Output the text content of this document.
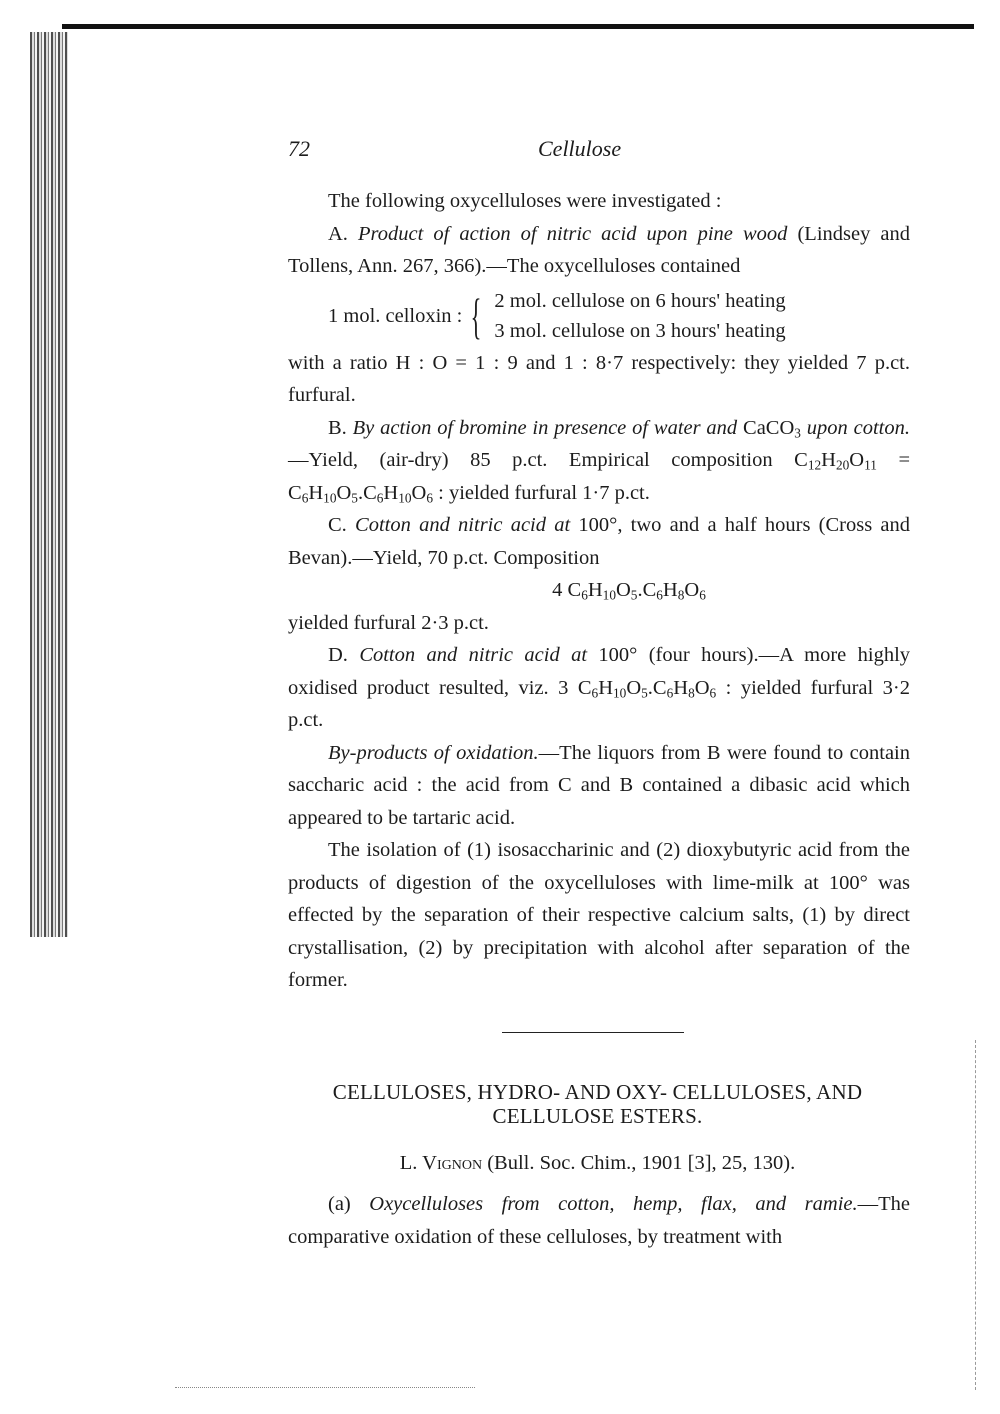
72	Cellulose

The following oxycelluloses were investigated :

A. Product of action of nitric acid upon pine wood (Lindsey and Tollens, Ann. 267, 366).—The oxycelluloses contained

1 mol. celloxin : { 2 mol. cellulose on 6 hours' heating
3 mol. cellulose on 3 hours' heating

with a ratio H : O = 1 : 9 and 1 : 8·7 respectively: they yielded 7 p.ct. furfural.

B. By action of bromine in presence of water and CaCO$_3$ upon cotton.—Yield, (air-dry) 85 p.ct. Empirical composition $C_{12}H_{20}O_{11} = C_6H_{10}O_5.C_6H_{10}O_6$ : yielded furfural 1·7 p.ct.

C. Cotton and nitric acid at 100°, two and a half hours (Cross and Bevan).—Yield, 70 p.ct. Composition

4 $C_6H_{10}O_5.C_6H_8O_6$

yielded furfural 2·3 p.ct.

D. Cotton and nitric acid at 100° (four hours).—A more highly oxidised product resulted, viz. 3 $C_6H_{10}O_5.C_6H_8O_6$ : yielded furfural 3·2 p.ct.

By-products of oxidation.—The liquors from B were found to contain saccharic acid : the acid from C and B contained a dibasic acid which appeared to be tartaric acid.

The isolation of (1) isosaccharinic and (2) dioxybutyric acid from the products of digestion of the oxycelluloses with lime-milk at 100° was effected by the separation of their respective calcium salts, (1) by direct crystallisation, (2) by precipitation with alcohol after separation of the former.

CELLULOSES, HYDRO- AND OXY- CELLULOSES, AND
CELLULOSE ESTERS.
L. Vignon (Bull. Soc. Chim., 1901 [3], 25, 130).

(a) Oxycelluloses from cotton, hemp, flax, and ramie.—The comparative oxidation of these celluloses, by treatment with
